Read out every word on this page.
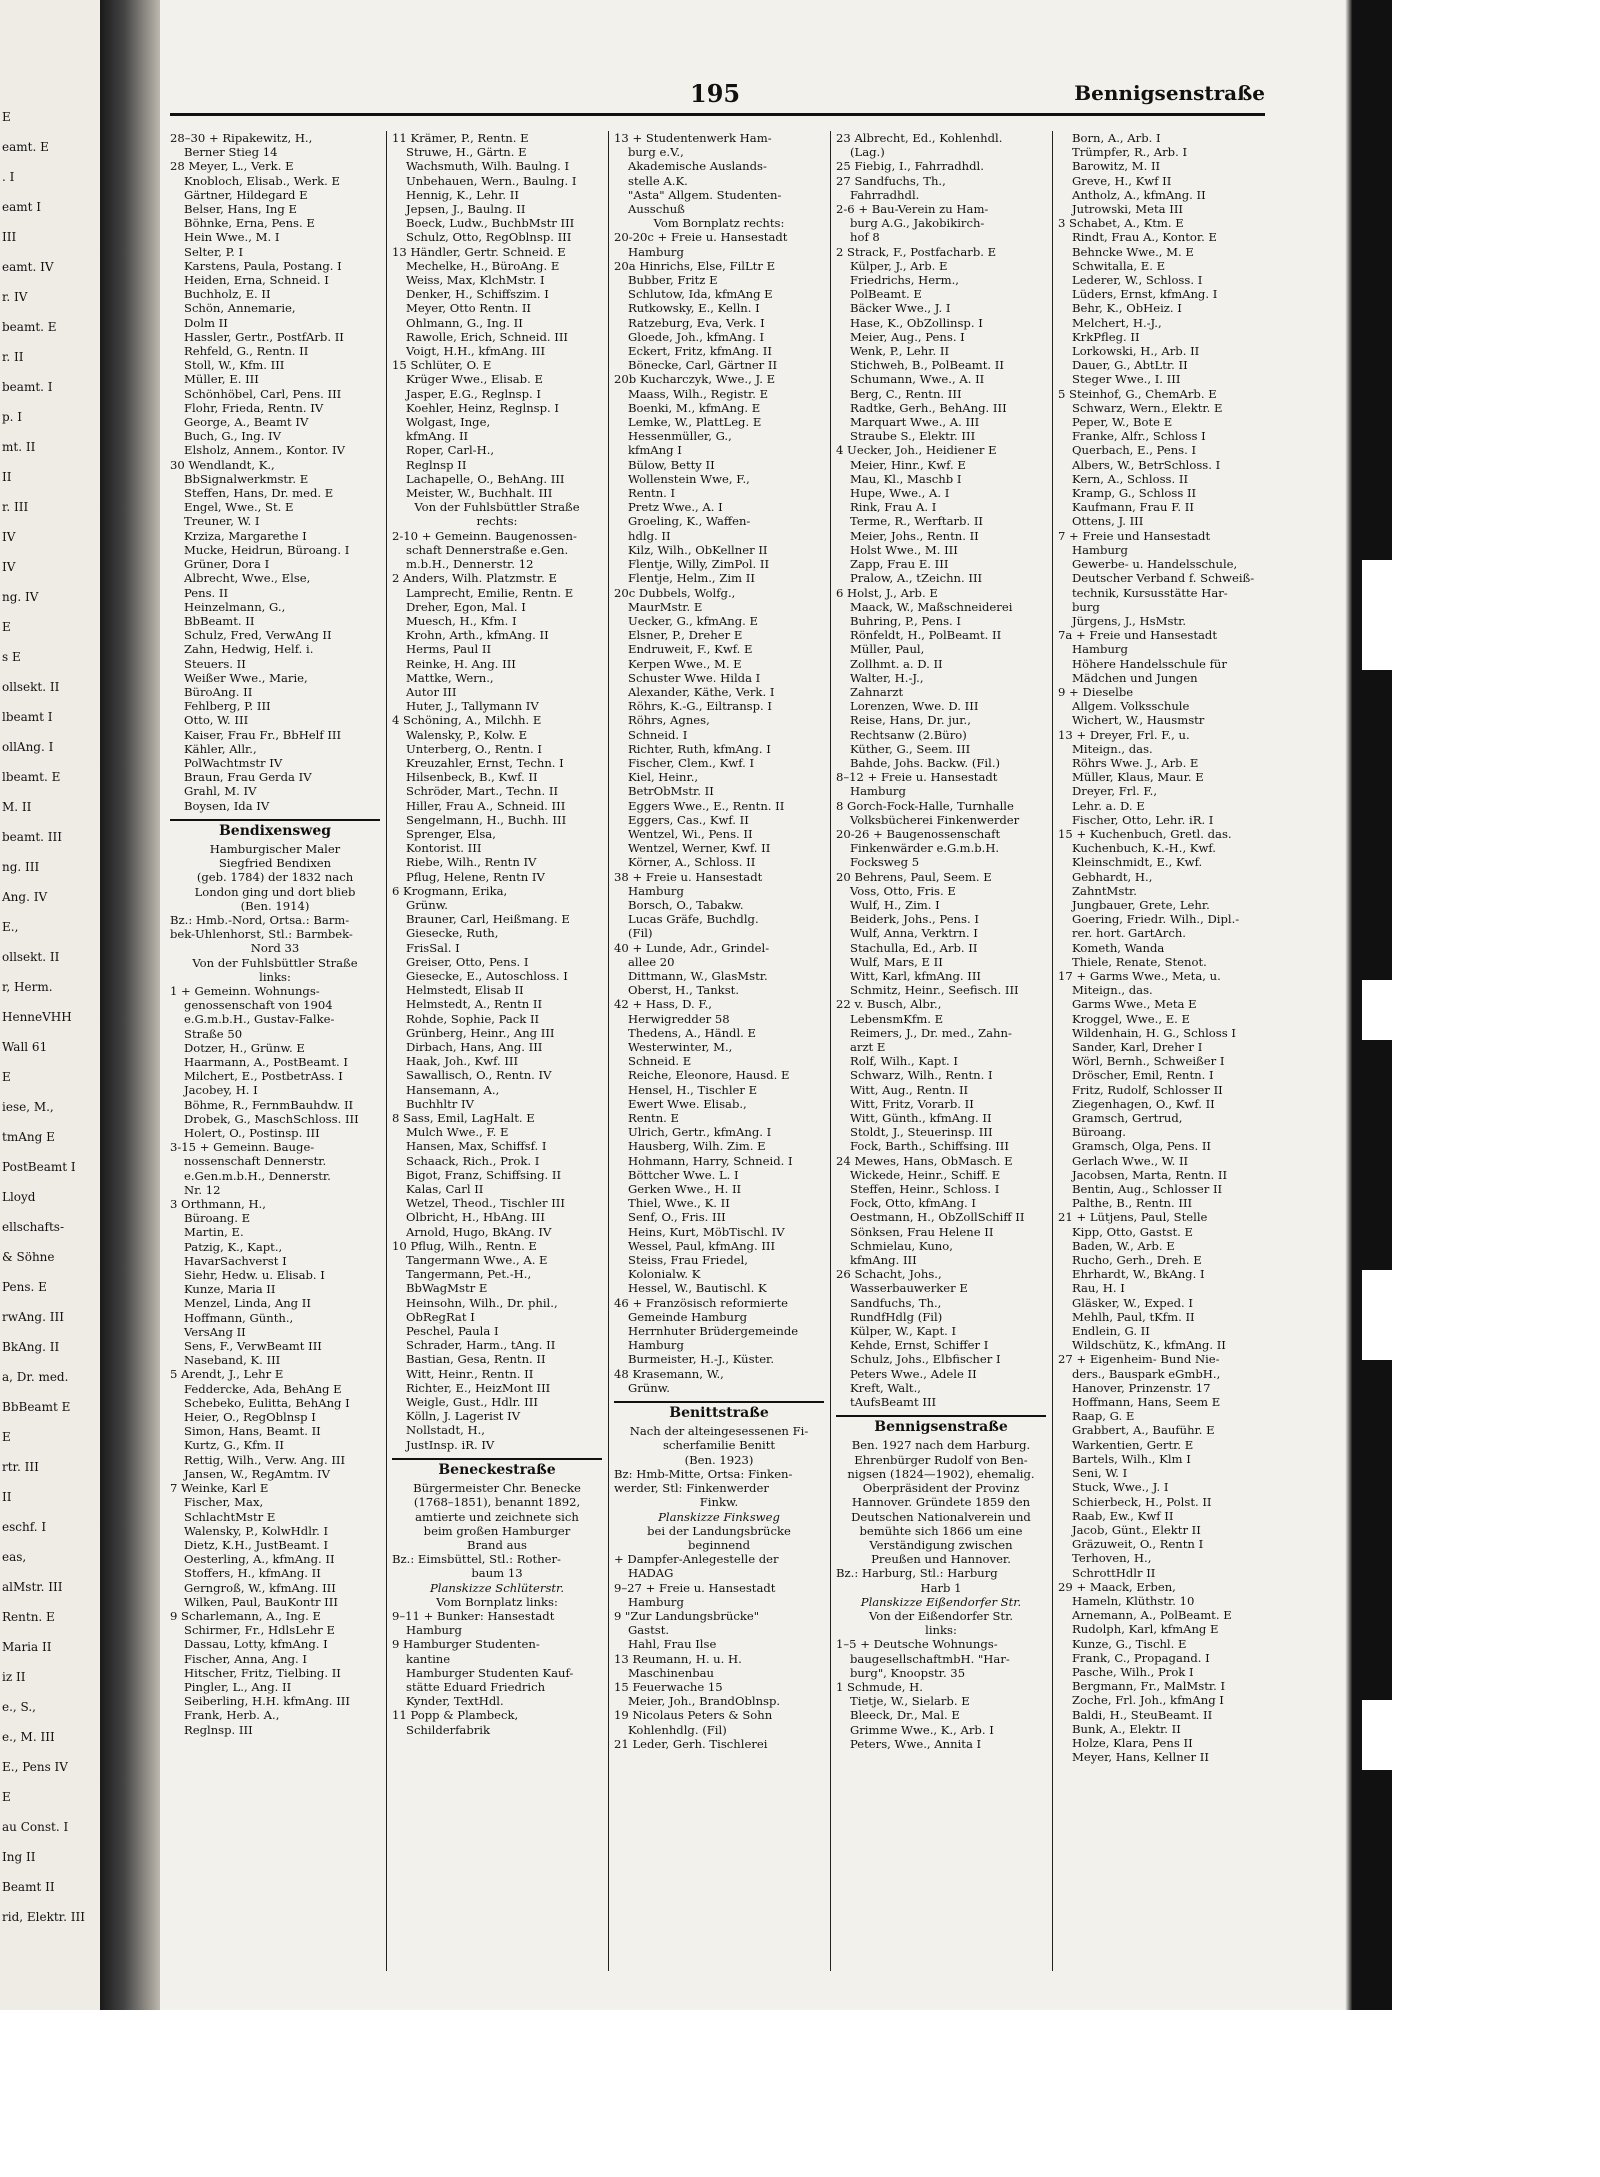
E
eamt. E
. I
eamt I
III
eamt. IV
r. IV
beamt. E
r. II
beamt. I
p. I
mt. II
II
r. III
IV
IV
ng. IV
E
s E
ollsekt. II
lbeamt I
ollAng. I
lbeamt. E
M. II
beamt. III
ng. III
Ang. IV
E.,
ollsekt. II
r, Herm.
HenneVHH
Wall 61
E
iese, M.,
tmAng E
PostBeamt I
Lloyd
ellschafts-
& Söhne
Pens. E
rwAng. III
BkAng. II
a, Dr. med.
BbBeamt E
E
rtr. III
II
eschf. I
eas,
alMstr. III
Rentn. E
Maria II
iz II
e., S.,
e., M. III
E., Pens IV
E
au Const. I
Ing II
Beamt II
rid, Elektr. III
195	Bennigsenstraße
28–30 + Ripakewitz, H.,
Berner Stieg 14
28 Meyer, L., Verk. E
Knobloch, Elisab., Werk. E
Gärtner, Hildegard E
Belser, Hans, Ing E
Böhnke, Erna, Pens. E
Hein Wwe., M. I
Selter, P. I
Karstens, Paula, Postang. I
Heiden, Erna, Schneid. I
Buchholz, E. II
Schön, Annemarie,
Dolm II
Hassler, Gertr., PostfArb. II
Rehfeld, G., Rentn. II
Stoll, W., Kfm. III
Müller, E. III
Schönhöbel, Carl, Pens. III
Flohr, Frieda, Rentn. IV
George, A., Beamt IV
Buch, G., Ing. IV
Elsholz, Annem., Kontor. IV
30 Wendlandt, K.,
BbSignalwerkmstr. E
Steffen, Hans, Dr. med. E
Engel, Wwe., St. E
Treuner, W. I
Krziza, Margarethe I
Mucke, Heidrun, Büroang. I
Grüner, Dora I
Albrecht, Wwe., Else,
Pens. II
Heinzelmann, G.,
BbBeamt. II
Schulz, Fred, VerwAng II
Zahn, Hedwig, Helf. i.
Steuers. II
Weißer Wwe., Marie,
BüroAng. II
Fehlberg, P. III
Otto, W. III
Kaiser, Frau Fr., BbHelf III
Kähler, Allr.,
PolWachtmstr IV
Braun, Frau Gerda IV
Grahl, M. IV
Boysen, Ida IV
Bendixensweg
Hamburgischer Maler
Siegfried Bendixen
(geb. 1784) der 1832 nach
London ging und dort blieb
(Ben. 1914)
Bz.: Hmb.-Nord, Ortsa.: Barm-
bek-Uhlenhorst, Stl.: Barmbek-
Nord 33
Von der Fuhlsbüttler Straße
links:
1 + Gemeinn. Wohnungs-
genossenschaft von 1904
e.G.m.b.H., Gustav-Falke-
Straße 50
Dotzer, H., Grünw. E
Haarmann, A., PostBeamt. I
Milchert, E., PostbetrAss. I
Jacobey, H. I
Böhme, R., FernmBauhdw. II
Drobek, G., MaschSchloss. III
Holert, O., Postinsp. III
3-15 + Gemeinn. Bauge-
nossenschaft Dennerstr.
e.Gen.m.b.H., Dennerstr.
Nr. 12
3 Orthmann, H.,
Büroang. E
Martin, E.
Patzig, K., Kapt.,
HavarSachverst I
Siehr, Hedw. u. Elisab. I
Kunze, Maria II
Menzel, Linda, Ang II
Hoffmann, Günth.,
VersAng II
Sens, F., VerwBeamt III
Naseband, K. III
5 Arendt, J., Lehr E
Feddercke, Ada, BehAng E
Schebeko, Eulitta, BehAng I
Heier, O., RegOblnsp I
Simon, Hans, Beamt. II
Kurtz, G., Kfm. II
Rettig, Wilh., Verw. Ang. III
Jansen, W., RegAmtm. IV
7 Weinke, Karl E
Fischer, Max,
SchlachtMstr E
Walensky, P., KolwHdlr. I
Dietz, K.H., JustBeamt. I
Oesterling, A., kfmAng. II
Stoffers, H., kfmAng. II
Gerngroß, W., kfmAng. III
Wilken, Paul, BauKontr III
9 Scharlemann, A., Ing. E
Schirmer, Fr., HdlsLehr E
Dassau, Lotty, kfmAng. I
Fischer, Anna, Ang. I
Hitscher, Fritz, Tielbing. II
Pingler, L., Ang. II
Seiberling, H.H. kfmAng. III
Frank, Herb. A.,
Reglnsp. III
11 Krämer, P., Rentn. E
Struwe, H., Gärtn. E
Wachsmuth, Wilh. Baulng. I
Unbehauen, Wern., Baulng. I
Hennig, K., Lehr. II
Jepsen, J., Baulng. II
Boeck, Ludw., BuchbMstr III
Schulz, Otto, RegOblnsp. III
13 Händler, Gertr. Schneid. E
Mechelke, H., BüroAng. E
Weiss, Max, KlchMstr. I
Denker, H., Schiffszim. I
Meyer, Otto Rentn. II
Ohlmann, G., Ing. II
Rawolle, Erich, Schneid. III
Voigt, H.H., kfmAng. III
15 Schlüter, O. E
Krüger Wwe., Elisab. E
Jasper, E.G., Reglnsp. I
Koehler, Heinz, Reglnsp. I
Wolgast, Inge,
kfmAng. II
Roper, Carl-H.,
Reglnsp II
Lachapelle, O., BehAng. III
Meister, W., Buchhalt. III
Von der Fuhlsbüttler Straße
rechts:
2-10 + Gemeinn. Baugenossen-
schaft Dennerstraße e.Gen.
m.b.H., Dennerstr. 12
2 Anders, Wilh. Platzmstr. E
Lamprecht, Emilie, Rentn. E
Dreher, Egon, Mal. I
Muesch, H., Kfm. I
Krohn, Arth., kfmAng. II
Herms, Paul II
Reinke, H. Ang. III
Mattke, Wern.,
Autor III
Huter, J., Tallymann IV
4 Schöning, A., Milchh. E
Walensky, P., Kolw. E
Unterberg, O., Rentn. I
Kreuzahler, Ernst, Techn. I
Hilsenbeck, B., Kwf. II
Schröder, Mart., Techn. II
Hiller, Frau A., Schneid. III
Sengelmann, H., Buchh. III
Sprenger, Elsa,
Kontorist. III
Riebe, Wilh., Rentn IV
Pflug, Helene, Rentn IV
6 Krogmann, Erika,
Grünw.
Brauner, Carl, Heißmang. E
Giesecke, Ruth,
FrisSal. I
Greiser, Otto, Pens. I
Giesecke, E., Autoschloss. I
Helmstedt, Elisab II
Helmstedt, A., Rentn II
Rohde, Sophie, Pack II
Grünberg, Heinr., Ang III
Dirbach, Hans, Ang. III
Haak, Joh., Kwf. III
Sawallisch, O., Rentn. IV
Hansemann, A.,
Buchhltr IV
8 Sass, Emil, LagHalt. E
Mulch Wwe., F. E
Hansen, Max, Schiffsf. I
Schaack, Rich., Prok. I
Bigot, Franz, Schiffsing. II
Kalas, Carl II
Wetzel, Theod., Tischler III
Olbricht, H., HbAng. III
Arnold, Hugo, BkAng. IV
10 Pflug, Wilh., Rentn. E
Tangermann Wwe., A. E
Tangermann, Pet.-H.,
BbWagMstr E
Heinsohn, Wilh., Dr. phil.,
ObRegRat I
Peschel, Paula I
Schrader, Harm., tAng. II
Bastian, Gesa, Rentn. II
Witt, Heinr., Rentn. II
Richter, E., HeizMont III
Weigle, Gust., Hdlr. III
Kölln, J. Lagerist IV
Nollstadt, H.,
JustInsp. iR. IV
Beneckestraße
Bürgermeister Chr. Benecke
(1768–1851), benannt 1892,
amtierte und zeichnete sich
beim großen Hamburger
Brand aus
Bz.: Eimsbüttel, Stl.: Rother-
baum 13
Planskizze Schlüterstr.
Vom Bornplatz links:
9–11 + Bunker: Hansestadt
Hamburg
9 Hamburger Studenten-
kantine
Hamburger Studenten Kauf-
stätte Eduard Friedrich
Kynder, TextHdl.
11 Popp & Plambeck,
Schilderfabrik
13 + Studentenwerk Ham-
burg e.V.,
Akademische Auslands-
stelle A.K.
"Asta" Allgem. Studenten-
Ausschuß
Vom Bornplatz rechts:
20-20c + Freie u. Hansestadt
Hamburg
20a Hinrichs, Else, FilLtr E
Bubber, Fritz E
Schlutow, Ida, kfmAng E
Rutkowsky, E., Kelln. I
Ratzeburg, Eva, Verk. I
Gloede, Joh., kfmAng. I
Eckert, Fritz, kfmAng. II
Bönecke, Carl, Gärtner II
20b Kucharczyk, Wwe., J. E
Maass, Wilh., Registr. E
Boenki, M., kfmAng. E
Lemke, W., PlattLeg. E
Hessenmüller, G.,
kfmAng I
Bülow, Betty II
Wollenstein Wwe, F.,
Rentn. I
Pretz Wwe., A. I
Groeling, K., Waffen-
hdlg. II
Kilz, Wilh., ObKellner II
Flentje, Willy, ZimPol. II
Flentje, Helm., Zim II
20c Dubbels, Wolfg.,
MaurMstr. E
Uecker, G., kfmAng. E
Elsner, P., Dreher E
Endruweit, F., Kwf. E
Kerpen Wwe., M. E
Schuster Wwe. Hilda I
Alexander, Käthe, Verk. I
Röhrs, K.-G., Eiltransp. I
Röhrs, Agnes,
Schneid. I
Richter, Ruth, kfmAng. I
Fischer, Clem., Kwf. I
Kiel, Heinr.,
BetrObMstr. II
Eggers Wwe., E., Rentn. II
Eggers, Cas., Kwf. II
Wentzel, Wi., Pens. II
Wentzel, Werner, Kwf. II
Körner, A., Schloss. II
38 + Freie u. Hansestadt
Hamburg
Borsch, O., Tabakw.
Lucas Gräfe, Buchdlg.
(Fil)
40 + Lunde, Adr., Grindel-
allee 20
Dittmann, W., GlasMstr.
Oberst, H., Tankst.
42 + Hass, D. F.,
Herwigredder 58
Thedens, A., Händl. E
Westerwinter, M.,
Schneid. E
Reiche, Eleonore, Hausd. E
Hensel, H., Tischler E
Ewert Wwe. Elisab.,
Rentn. E
Ulrich, Gertr., kfmAng. I
Hausberg, Wilh. Zim. E
Hohmann, Harry, Schneid. I
Böttcher Wwe. L. I
Gerken Wwe., H. II
Thiel, Wwe., K. II
Senf, O., Fris. III
Heins, Kurt, MöbTischl. IV
Wessel, Paul, kfmAng. III
Steiss, Frau Friedel,
Kolonialw. K
Hessel, W., Bautischl. K
46 + Französisch reformierte
Gemeinde Hamburg
Herrnhuter Brüdergemeinde
Hamburg
Burmeister, H.-J., Küster.
48 Krasemann, W.,
Grünw.
Benittstraße
Nach der alteingesessenen Fi-
scherfamilie Benitt
(Ben. 1923)
Bz: Hmb-Mitte, Ortsa: Finken-
werder, Stl: Finkenwerder
Finkw.
Planskizze Finksweg
bei der Landungsbrücke
beginnend
+ Dampfer-Anlegestelle der
HADAG
9–27 + Freie u. Hansestadt
Hamburg
9 "Zur Landungsbrücke"
Gastst.
Hahl, Frau Ilse
13 Reumann, H. u. H.
Maschinenbau
15 Feuerwache 15
Meier, Joh., BrandOblnsp.
19 Nicolaus Peters & Sohn
Kohlenhdlg. (Fil)
21 Leder, Gerh. Tischlerei
23 Albrecht, Ed., Kohlenhdl.
(Lag.)
25 Fiebig, I., Fahrradhdl.
27 Sandfuchs, Th.,
Fahrradhdl.
2-6 + Bau-Verein zu Ham-
burg A.G., Jakobikirch-
hof 8
2 Strack, F., Postfacharb. E
Külper, J., Arb. E
Friedrichs, Herm.,
PolBeamt. E
Bäcker Wwe., J. I
Hase, K., ObZollinsp. I
Meier, Aug., Pens. I
Wenk, P., Lehr. II
Stichweh, B., PolBeamt. II
Schumann, Wwe., A. II
Berg, C., Rentn. III
Radtke, Gerh., BehAng. III
Marquart Wwe., A. III
Straube S., Elektr. III
4 Uecker, Joh., Heidiener E
Meier, Hinr., Kwf. E
Mau, Kl., Maschb I
Hupe, Wwe., A. I
Rink, Frau A. I
Terme, R., Werftarb. II
Meier, Johs., Rentn. II
Holst Wwe., M. III
Zapp, Frau E. III
Pralow, A., tZeichn. III
6 Holst, J., Arb. E
Maack, W., Maßschneiderei
Buhring, P., Pens. I
Rönfeldt, H., PolBeamt. II
Müller, Paul,
Zollhmt. a. D. II
Walter, H.-J.,
Zahnarzt
Lorenzen, Wwe. D. III
Reise, Hans, Dr. jur.,
Rechtsanw (2.Büro)
Küther, G., Seem. III
Bahde, Johs. Backw. (Fil.)
8–12 + Freie u. Hansestadt
Hamburg
8 Gorch-Fock-Halle, Turnhalle
Volksbücherei Finkenwerder
20-26 + Baugenossenschaft
Finkenwärder e.G.m.b.H.
Focksweg 5
20 Behrens, Paul, Seem. E
Voss, Otto, Fris. E
Wulf, H., Zim. I
Beiderk, Johs., Pens. I
Wulf, Anna, Verktrn. I
Stachulla, Ed., Arb. II
Wulf, Mars, E II
Witt, Karl, kfmAng. III
Schmitz, Heinr., Seefisch. III
22 v. Busch, Albr.,
LebensmKfm. E
Reimers, J., Dr. med., Zahn-
arzt E
Rolf, Wilh., Kapt. I
Schwarz, Wilh., Rentn. I
Witt, Aug., Rentn. II
Witt, Fritz, Vorarb. II
Witt, Günth., kfmAng. II
Stoldt, J., Steuerinsp. III
Fock, Barth., Schiffsing. III
24 Mewes, Hans, ObMasch. E
Wickede, Heinr., Schiff. E
Steffen, Heinr., Schloss. I
Fock, Otto, kfmAng. I
Oestmann, H., ObZollSchiff II
Sönksen, Frau Helene II
Schmielau, Kuno,
kfmAng. III
26 Schacht, Johs.,
Wasserbauwerker E
Sandfuchs, Th.,
RundfHdlg (Fil)
Külper, W., Kapt. I
Kehde, Ernst, Schiffer I
Schulz, Johs., Elbfischer I
Peters Wwe., Adele II
Kreft, Walt.,
tAufsBeamt III
Bennigsenstraße
Ben. 1927 nach dem Harburg.
Ehrenbürger Rudolf von Ben-
nigsen (1824—1902), ehemalig.
Oberpräsident der Provinz
Hannover. Gründete 1859 den
Deutschen Nationalverein und
bemühte sich 1866 um eine
Verständigung zwischen
Preußen und Hannover.
Bz.: Harburg, Stl.: Harburg
Harb 1
Planskizze Eißendorfer Str.
Von der Eißendorfer Str.
links:
1–5 + Deutsche Wohnungs-
baugesellschaftmbH. "Har-
burg", Knoopstr. 35
1 Schmude, H.
Tietje, W., Sielarb. E
Bleeck, Dr., Mal. E
Grimme Wwe., K., Arb. I
Peters, Wwe., Annita I
Born, A., Arb. I
Trümpfer, R., Arb. I
Barowitz, M. II
Greve, H., Kwf II
Antholz, A., kfmAng. II
Jutrowski, Meta III
3 Schabet, A., Ktm. E
Rindt, Frau A., Kontor. E
Behncke Wwe., M. E
Schwitalla, E. E
Lederer, W., Schloss. I
Lüders, Ernst, kfmAng. I
Behr, K., ObHeiz. I
Melchert, H.-J.,
KrkPfleg. II
Lorkowski, H., Arb. II
Dauer, G., AbtLtr. II
Steger Wwe., I. III
5 Steinhof, G., ChemArb. E
Schwarz, Wern., Elektr. E
Peper, W., Bote E
Franke, Alfr., Schloss I
Querbach, E., Pens. I
Albers, W., BetrSchloss. I
Kern, A., Schloss. II
Kramp, G., Schloss II
Kaufmann, Frau F. II
Ottens, J. III
7 + Freie und Hansestadt
Hamburg
Gewerbe- u. Handelsschule,
Deutscher Verband f. Schweiß-
technik, Kursusstätte Har-
burg
Jürgens, J., HsMstr.
7a + Freie und Hansestadt
Hamburg
Höhere Handelsschule für
Mädchen und Jungen
9 + Dieselbe
Allgem. Volksschule
Wichert, W., Hausmstr
13 + Dreyer, Frl. F., u.
Miteign., das.
Röhrs Wwe. J., Arb. E
Müller, Klaus, Maur. E
Dreyer, Frl. F.,
Lehr. a. D. E
Fischer, Otto, Lehr. iR. I
15 + Kuchenbuch, Gretl. das.
Kuchenbuch, K.-H., Kwf.
Kleinschmidt, E., Kwf.
Gebhardt, H.,
ZahntMstr.
Jungbauer, Grete, Lehr.
Goering, Friedr. Wilh., Dipl.-
rer. hort. GartArch.
Kometh, Wanda
Thiele, Renate, Stenot.
17 + Garms Wwe., Meta, u.
Miteign., das.
Garms Wwe., Meta E
Kroggel, Wwe., E. E
Wildenhain, H. G., Schloss I
Sander, Karl, Dreher I
Wörl, Bernh., Schweißer I
Dröscher, Emil, Rentn. I
Fritz, Rudolf, Schlosser II
Ziegenhagen, O., Kwf. II
Gramsch, Gertrud,
Büroang.
Gramsch, Olga, Pens. II
Gerlach Wwe., W. II
Jacobsen, Marta, Rentn. II
Bentin, Aug., Schlosser II
Palthe, B., Rentn. III
21 + Lütjens, Paul, Stelle
Kipp, Otto, Gastst. E
Baden, W., Arb. E
Rucho, Gerh., Dreh. E
Ehrhardt, W., BkAng. I
Rau, H. I
Gläsker, W., Exped. I
Mehlh, Paul, tKfm. II
Endlein, G. II
Wildschütz, K., kfmAng. II
27 + Eigenheim- Bund Nie-
ders., Bauspark eGmbH.,
Hanover, Prinzenstr. 17
Hoffmann, Hans, Seem E
Raap, G. E
Grabbert, A., Bauführ. E
Warkentien, Gertr. E
Bartels, Wilh., Klm I
Seni, W. I
Stuck, Wwe., J. I
Schierbeck, H., Polst. II
Raab, Ew., Kwf II
Jacob, Günt., Elektr II
Gräzuweit, O., Rentn I
Terhoven, H.,
SchrottHdlr II
29 + Maack, Erben,
Hameln, Klüthstr. 10
Arnemann, A., PolBeamt. E
Rudolph, Karl, kfmAng E
Kunze, G., Tischl. E
Frank, C., Propagand. I
Pasche, Wilh., Prok I
Bergmann, Fr., MalMstr. I
Zoche, Frl. Joh., kfmAng I
Baldi, H., SteuBeamt. II
Bunk, A., Elektr. II
Holze, Klara, Pens II
Meyer, Hans, Kellner II
